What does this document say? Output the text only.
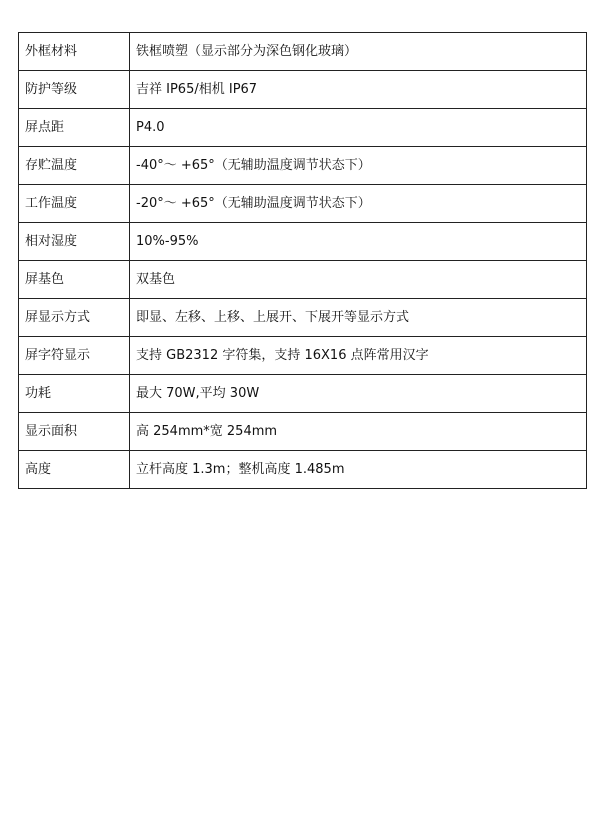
外框材料	铁框喷塑（显示部分为深色钢化玻璃）
防护等级	吉祥 IP65/相机 IP67
屏点距	P4.0
存贮温度	-40°～ +65°（无辅助温度调节状态下）
工作温度	-20°～ +65°（无辅助温度调节状态下）
相对湿度	10%-95%
屏基色	双基色
屏显示方式	即显、左移、上移、上展开、下展开等显示方式
屏字符显示	支持 GB2312 字符集，支持 16X16 点阵常用汉字
功耗	最大 70W,平均 30W
显示面积	高 254mm*宽 254mm
高度	立杆高度 1.3m；整机高度 1.485m
